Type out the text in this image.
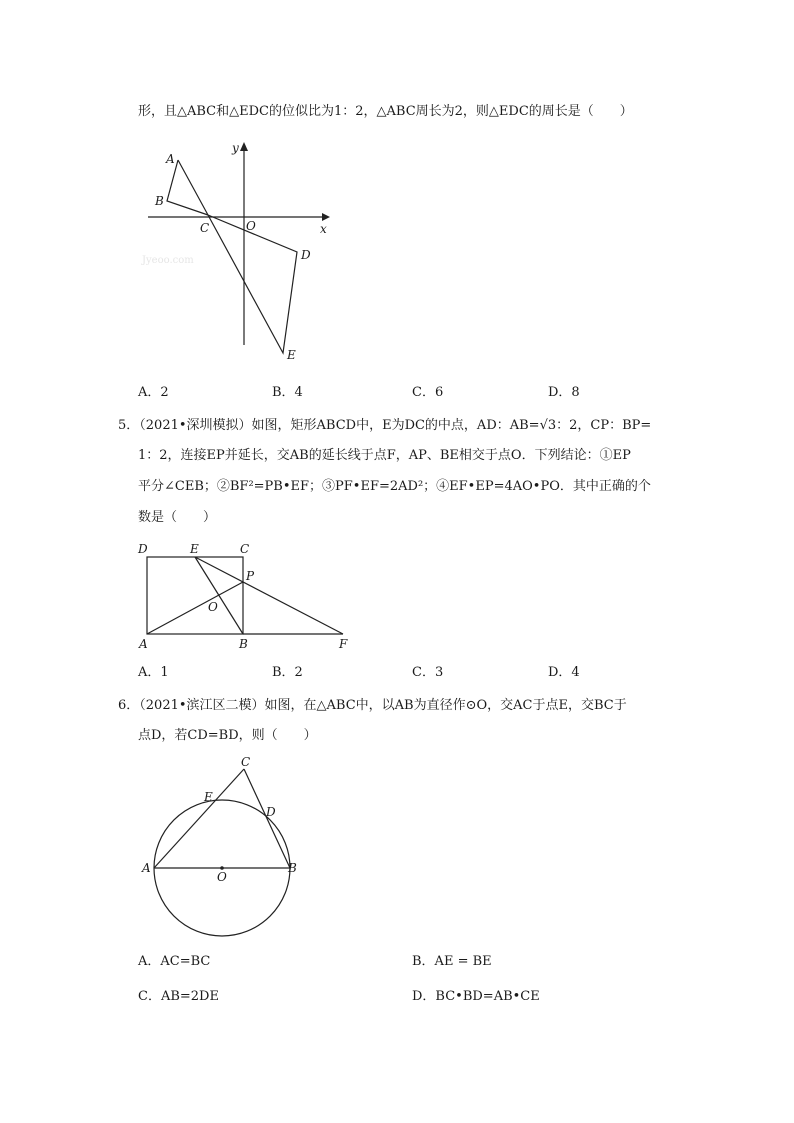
形，且△ABC和△EDC的位似比为1：2，△ABC周长为2，则△EDC的周长是（　　）
Jyeoo.com
A
B
C	O	x
y
D
E
A．2	B．4	C．6	D．8
5．（2021•深圳模拟）如图，矩形ABCD中，E为DC的中点，AD：AB=√3：2，CP：BP=
1：2，连接EP并延长，交AB的延长线于点F，AP、BE相交于点O．下列结论：①EP
平分∠CEB；②BF²=PB•EF；③PF•EF=2AD²；④EF•EP=4AO•PO．其中正确的个
数是（　　）
D	E	C
P
O
A	B	F
A．1	B．2	C．3	D．4
6．（2021•滨江区二模）如图，在△ABC中，以AB为直径作⊙O，交AC于点E，交BC于
点D，若CD=BD，则（　　）
C
E
D
A
O
B
A．AC=BC	B．AE = BE
C．AB=2DE	D．BC•BD=AB•CE
